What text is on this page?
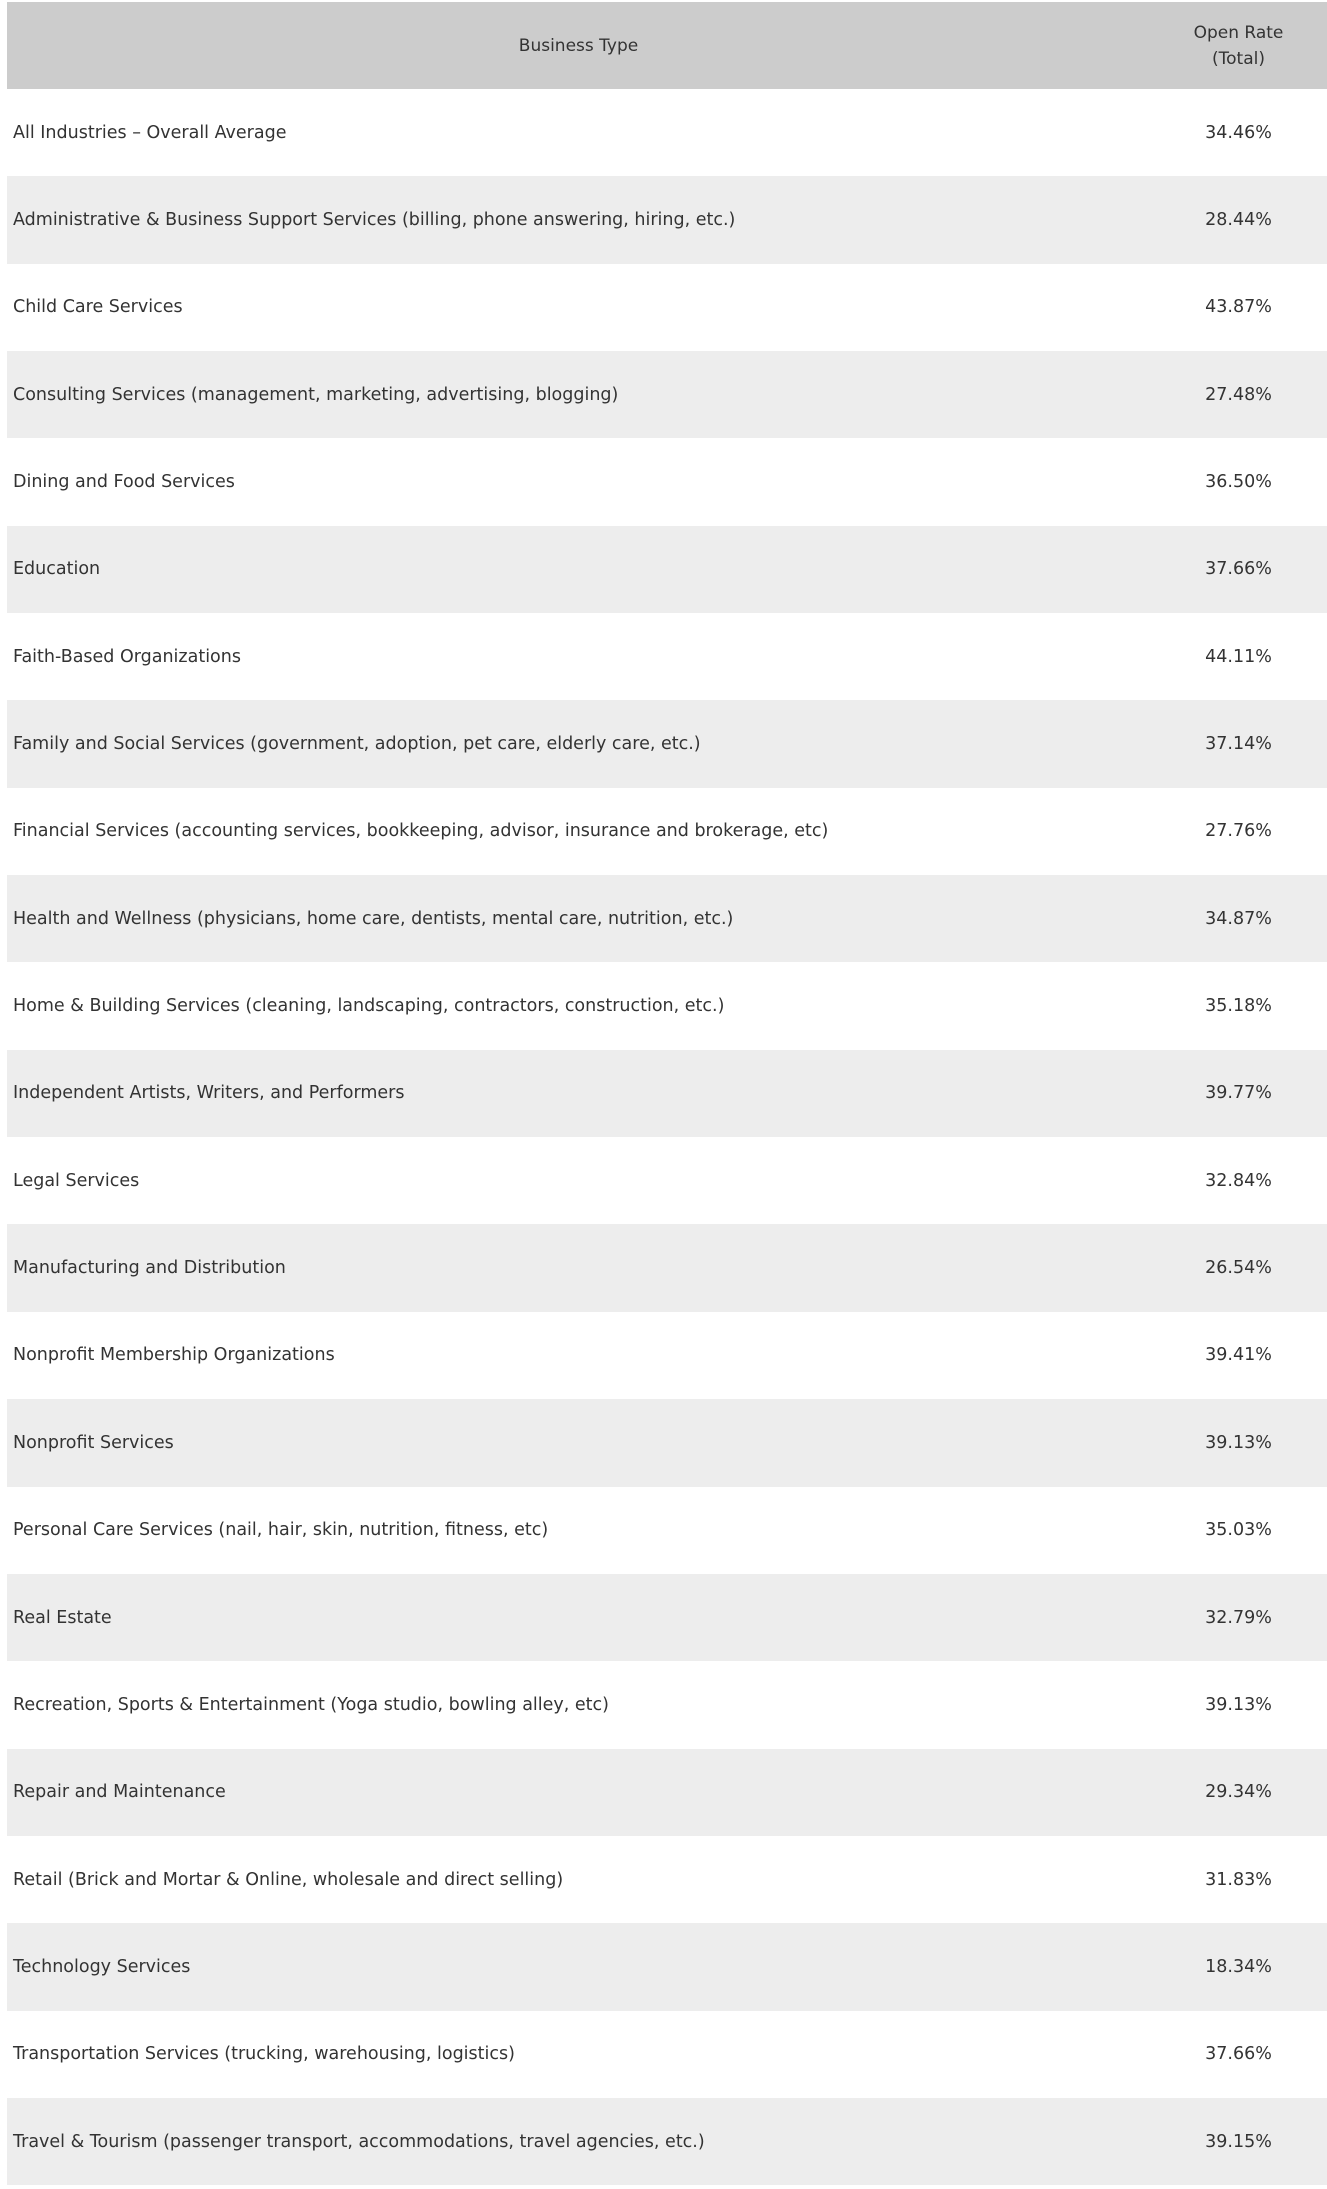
Business Type	Open Rate
(Total)

All Industries – Overall Average	34.46%
Administrative & Business Support Services (billing, phone answering, hiring, etc.)	28.44%
Child Care Services	43.87%
Consulting Services (management, marketing, advertising, blogging)	27.48%
Dining and Food Services	36.50%
Education	37.66%
Faith-Based Organizations	44.11%
Family and Social Services (government, adoption, pet care, elderly care, etc.)	37.14%
Financial Services (accounting services, bookkeeping, advisor, insurance and brokerage, etc)	27.76%
Health and Wellness (physicians, home care, dentists, mental care, nutrition, etc.)	34.87%
Home & Building Services (cleaning, landscaping, contractors, construction, etc.)	35.18%
Independent Artists, Writers, and Performers	39.77%
Legal Services	32.84%
Manufacturing and Distribution	26.54%
Nonprofit Membership Organizations	39.41%
Nonprofit Services	39.13%
Personal Care Services (nail, hair, skin, nutrition, fitness, etc)	35.03%
Real Estate	32.79%
Recreation, Sports & Entertainment (Yoga studio, bowling alley, etc)	39.13%
Repair and Maintenance	29.34%
Retail (Brick and Mortar & Online, wholesale and direct selling)	31.83%
Technology Services	18.34%
Transportation Services (trucking, warehousing, logistics)	37.66%
Travel & Tourism (passenger transport, accommodations, travel agencies, etc.)	39.15%
